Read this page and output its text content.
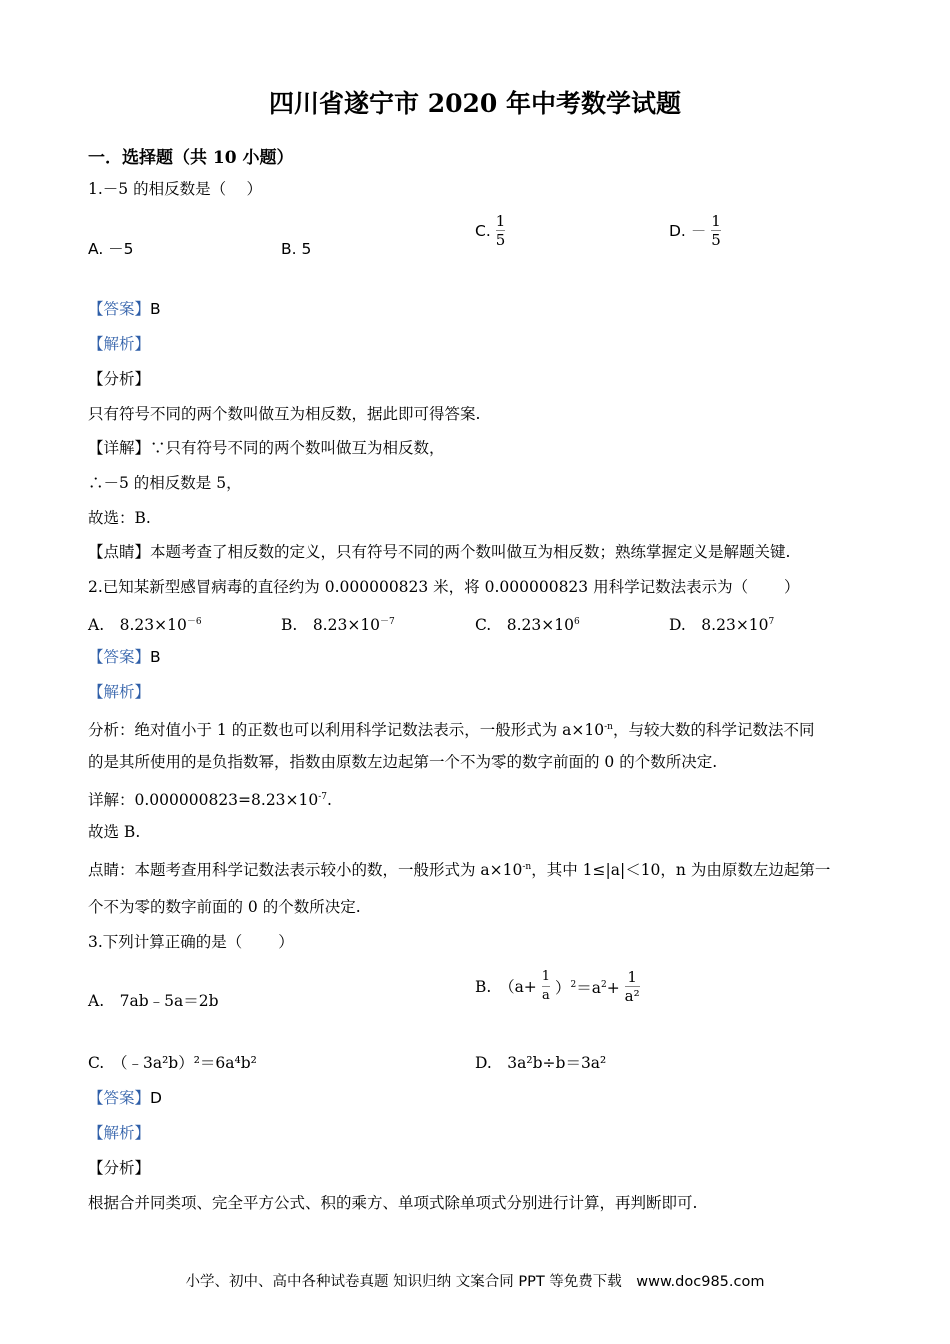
四川省遂宁市 2020 年中考数学试题
一．选择题（共 10 小题）
1.－5 的相反数是（　 ）
A. －5	B. 5
C. $\frac{1}{5}$	D. － $\frac{1}{5}$
【答案】B
【解析】
【分析】
只有符号不同的两个数叫做互为相反数，据此即可得答案.
【详解】∵只有符号不同的两个数叫做互为相反数，
∴－5 的相反数是 5，
故选：B.
【点睛】本题考查了相反数的定义，只有符号不同的两个数叫做互为相反数；熟练掌握定义是解题关键.
2.已知某新型感冒病毒的直径约为 0.000000823 米，将 0.000000823 用科学记数法表示为（　　 ）
A.　$8.23\times 10^{-6}$	B.　$8.23\times 10^{-7}$	C.　$8.23\times 10^6$	D.　$8.23\times 10^7$
【答案】B
【解析】
分析：绝对值小于 1 的正数也可以利用科学记数法表示，一般形式为 $a\times 10^{-n}$，与较大数的科学记数法不同
的是其所使用的是负指数幂，指数由原数左边起第一个不为零的数字前面的 0 的个数所决定.
详解：$0.000000823=8.23\times 10^{-7}$.
故选 B.
点睛：本题考查用科学记数法表示较小的数，一般形式为 $a\times 10^{-n}$，其中 1≤|a|＜10，n 为由原数左边起第一
个不为零的数字前面的 0 的个数所决定.
3.下列计算正确的是（　　 ）
A.　7ab﹣5a＝2b
B.　$(a+ \frac{1}{a} )^2=a^2+ \frac{1}{\text{a²}}$
C.　（﹣3a²b）²＝6a⁴b²	D.　3a²b÷b＝3a²
【答案】D
【解析】
【分析】
根据合并同类项、完全平方公式、积的乘方、单项式除单项式分别进行计算，再判断即可.
小学、初中、高中各种试卷真题 知识归纳 文案合同 PPT 等免费下载　www.doc985.com
